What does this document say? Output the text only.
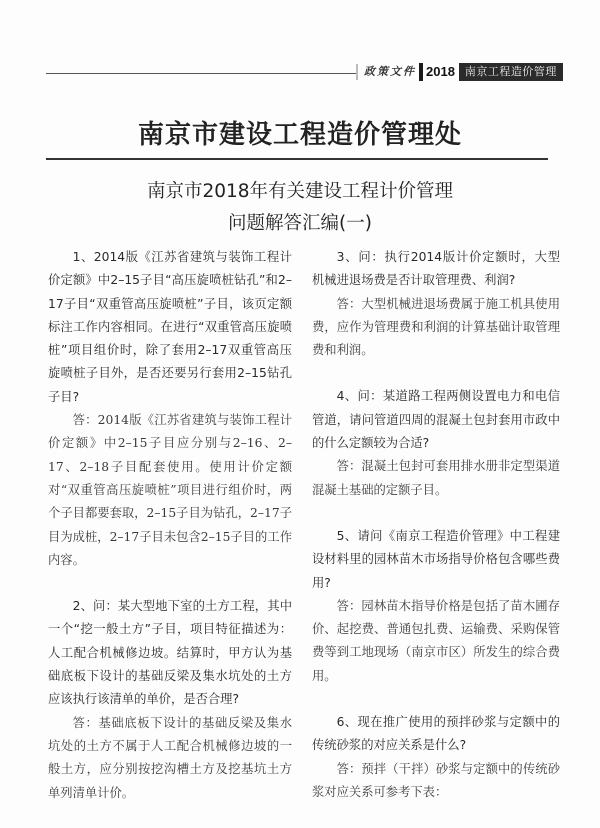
政策文件 2018 南京工程造价管理
南京市建设工程造价管理处
南京市2018年有关建设工程计价管理
问题解答汇编(一)

1、2014版《江苏省建筑与装饰工程计价定额》中2–15子目“高压旋喷桩钻孔”和2–17子目“双重管高压旋喷桩”子目，该页定额标注工作内容相同。在进行“双重管高压旋喷桩”项目组价时，除了套用2–17双重管高压旋喷桩子目外，是否还要另行套用2–15钻孔子目?

答：2014版《江苏省建筑与装饰工程计价定额》中2–15子目应分别与2–16、2–17、2–18子目配套使用。使用计价定额对“双重管高压旋喷桩”项目进行组价时，两个子目都要套取，2–15子目为钻孔，2–17子目为成桩，2–17子目未包含2–15子目的工作内容。

2、问：某大型地下室的土方工程，其中一个“挖一般土方”子目，项目特征描述为：人工配合机械修边坡。结算时，甲方认为基础底板下设计的基础反梁及集水坑处的土方应该执行该清单的单价，是否合理?

答：基础底板下设计的基础反梁及集水坑处的土方不属于人工配合机械修边坡的一般土方，应分别按挖沟槽土方及挖基坑土方单列清单计价。

3、问：执行2014版计价定额时，大型机械进退场费是否计取管理费、利润?

答：大型机械进退场费属于施工机具使用费，应作为管理费和利润的计算基础计取管理费和利润。

4、问：某道路工程两侧设置电力和电信管道，请问管道四周的混凝土包封套用市政中的什么定额较为合适?

答：混凝土包封可套用排水册非定型渠道混凝土基础的定额子目。

5、请问《南京工程造价管理》中工程建设材料里的园林苗木市场指导价格包含哪些费用?

答：园林苗木指导价格是包括了苗木圃存价、起挖费、普通包扎费、运输费、采购保管费等到工地现场（南京市区）所发生的综合费用。

6、现在推广使用的预拌砂浆与定额中的传统砂浆的对应关系是什么?

答：预拌（干拌）砂浆与定额中的传统砂浆对应关系可参考下表：
